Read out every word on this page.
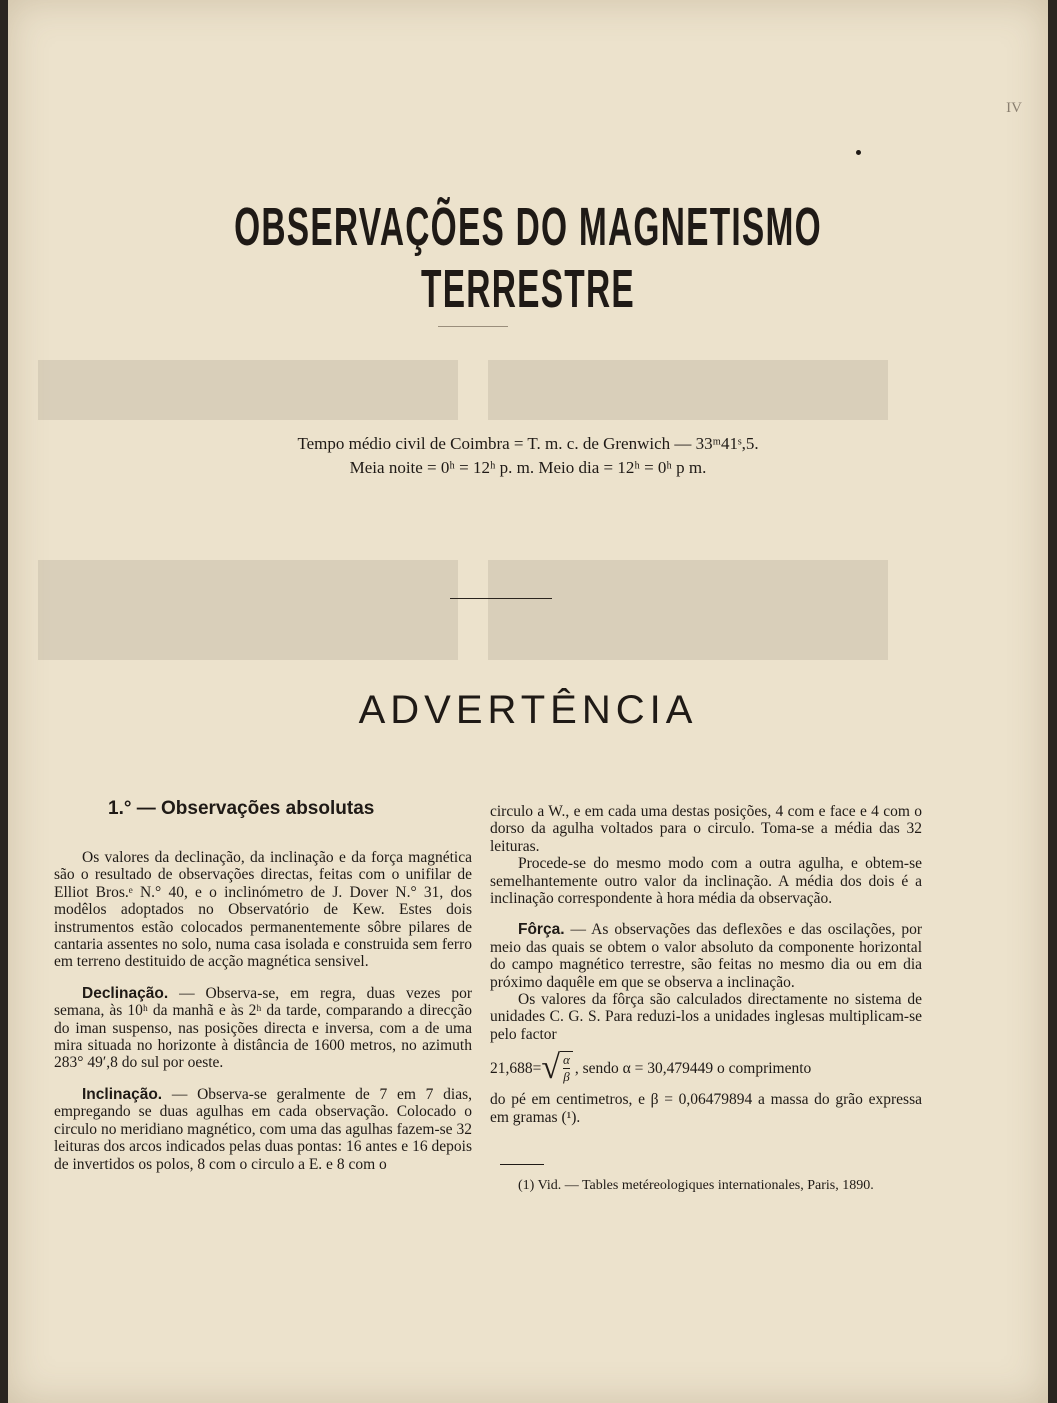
IV
OBSERVAÇÕES DO MAGNETISMO TERRESTRE
Tempo médio civil de Coimbra = T. m. c. de Grenwich — 33ᵐ41ˢ,5.
Meia noite = 0ʰ = 12ʰ p. m. Meio dia = 12ʰ = 0ʰ p m.
ADVERTÊNCIA
1.° — Observações absolutas

Os valores da declinação, da inclinação e da força magnética são o resultado de observações directas, feitas com o unifilar de Elliot Bros.ᵉ N.° 40, e o inclinómetro de J. Dover N.° 31, dos modêlos adoptados no Observatório de Kew. Estes dois instrumentos estão colocados permanentemente sôbre pilares de cantaria assentes no solo, numa casa isolada e construida sem ferro em terreno destituido de acção magnética sensivel.

Declinação. — Observa-se, em regra, duas vezes por semana, às 10ʰ da manhã e às 2ʰ da tarde, comparando a direcção do iman suspenso, nas posições directa e inversa, com a de uma mira situada no horizonte à distância de 1600 metros, no azimuth 283° 49′,8 do sul por oeste.

Inclinação. — Observa-se geralmente de 7 em 7 dias, empregando se duas agulhas em cada observação. Colocado o circulo no meridiano magnético, com uma das agulhas fazem-se 32 leituras dos arcos indicados pelas duas pontas: 16 antes e 16 depois de invertidos os polos, 8 com o circulo a E. e 8 com o

circulo a W., e em cada uma destas posições, 4 com e face e 4 com o dorso da agulha voltados para o circulo. Toma-se a média das 32 leituras.

Procede-se do mesmo modo com a outra agulha, e obtem-se semelhantemente outro valor da inclinação. A média dos dois é a inclinação correspondente à hora média da observação.

Fôrça. — As observações das deflexões e das oscilações, por meio das quais se obtem o valor absoluto da componente horizontal do campo magnético terrestre, são feitas no mesmo dia ou em dia próximo daquêle em que se observa a inclinação.

Os valores da fôrça são calculados directamente no sistema de unidades C. G. S. Para reduzi-los a unidades inglesas multiplicam-se pelo factor

21,688= √ $\frac{\alpha}{\beta}$ , sendo α = 30,479449 o comprimento

do pé em centimetros, e β = 0,06479894 a massa do grão expressa em gramas (¹).

(1) Vid. — Tables metéreologiques internationales, Paris, 1890.
